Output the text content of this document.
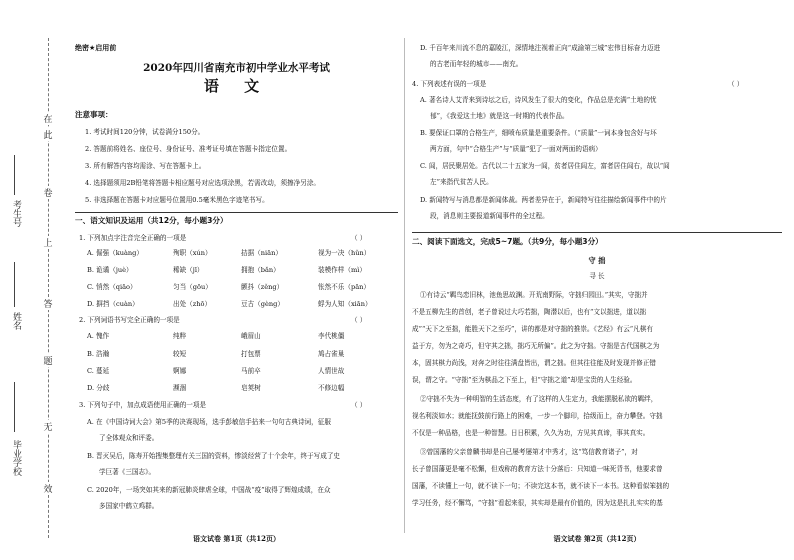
在
此
卷
上
答
题
无
效
考生号
姓名
毕业学校
绝密★启用前
2020年四川省南充市初中学业水平考试
语 文
注意事项：
1. 考试时间120分钟，试卷满分150分。
2. 答题前将姓名、座位号、身份证号、准考证号填在答题卡指定位置。
3. 所有解答内容均需涂、写在答题卡上。
4. 选择题须用2B铅笔将答题卡相应题号对应选项涂黑，若需改动，须擦净另涂。
5. 非选择题在答题卡对应题号位置用0.5毫米黑色字迹笔书写。
一、语文知识及运用（共12分，每小题3分）
1. 下列加点字注音完全正确的一项是	（ ）
A. 倔强（kuàng）	殉职（xún）	拮据（niān）	视为一决（hǔn）
B. 诡谲（juè）	稀缺（jī）	拥抱（bǎn）	装模作样（mì）
C. 悄然（qiāo）	匀当（gōu）	颤抖（zěng）	怅然不乐（pān）
D. 摒挡（cuàn）	出处（zhō）	豆古（gèng）	蜉为人知（xiān）
2. 下列词语书写完全正确的一项是	（ ）
A. 愧作	纯粹	峨眉山	李代桃僵
B. 浩瀚	较短	打包票	鸠占雀巢
C. 蔓延	婀娜	马前卒	人情世故
D. 分歧	濒涸	皂荚树	不修边幅
3. 下列句子中，加点成语使用正确的一项是	（ ）
A. 在《中国诗词大会》第5季的决赛现场，选手彭敏信手拈来一句句古典诗词，征服
了全体观众和评委。
B. 晋灭吴后，陈寿开始搜集整理有关三国的资料，惨淡经营了十个余年，终于写成了史
学巨著《三国志》。
C. 2020年，一场突如其来的新冠肺炎肆虐全球，中国战“疫”取得了辉煌成绩，在众
多国家中鹤立鸡群。
语文试卷 第1页（共12页）
D. 千百年来川流不息的嘉陵江，深情地注视着正向“成渝第三城”宏伟目标奋力迈进
的古老而年轻的城市——南充。
4. 下列表述有误的一项是	（ ）
A. 著名诗人艾青来到诗坛之后，诗风发生了很大的变化，作品总是充满“土地的忧
郁”，《我爱这土地》就是这一时期的代表作品。
B. 要保证口罩的合格生产，细喷布质量是重要条件。（“质量”一词本身包含好与坏
两方面，句中“合格生产”与“质量”犯了一面对两面的语病）
C. 闾，居民聚居处。古代以二十五家为一闾，贫者居住闾左，富者居住闾右，故以“闾
左”来指代贫苦人民。
D. 新闻特写与消息都是新闻体裁。两者差异在于，新闻特写往往描绘新闻事件中的片
段，消息则主要报道新闻事件的全过程。
二、阅读下面选文，完成5~7题。（共9分，每小题3分）
守 拙
寻 长
①有诗云“羁鸟恋旧林，池鱼思故渊。开荒南野际，守拙归园田。”其实，守拙并
不是五柳先生的首创，老子曾说过大巧若拙，陶潜以后，也有“文以拙进，道以拙
成”“天下之至拙，能胜天下之至巧”，讲的都是对守拙的推崇。《艺经》有云“凡棋有
益于方，勿为之奇巧，但守其之拙，拙巧无所偏”。此之为守拙。守拙是古代国棋之为
本，固其棋力尚浅，对奔之时往往满盘皆出，谓之拙。但其往往能及时发现并修正错
误，谓之守。“守拙”至为棋品之下至上，但“守拙之道”却是宝贵的人生经验。
②守拙不失为一种明智的生活态度，有了这样的人生定力，我能摆脱私欲的羁绊，
视名利淡如水；就能抚鼓前行路上的困难，一步一个脚印，拾级而上，奋力攀登。守拙
不仅是一种品格，也是一种智慧。日日积累，久久为功，方见其真谛，事其真实。
③曾国藩的父亲曾麟书却是自己屡考屡第才中秀才，这“笃信教育诸子”，对
长子曾国藩更是毫不松懈，但戏称的教育方法十分落后：只知道一味死背书，他要求曾
国藩，不读懂上一句，就不读下一句；不读完这本书，就不读下一本书。这种看似笨拙的
学习任务，经不懈笃，“守拙”看起来很，其实却是最有价值的，因为这是扎扎实实的基
语文试卷 第2页（共12页）
